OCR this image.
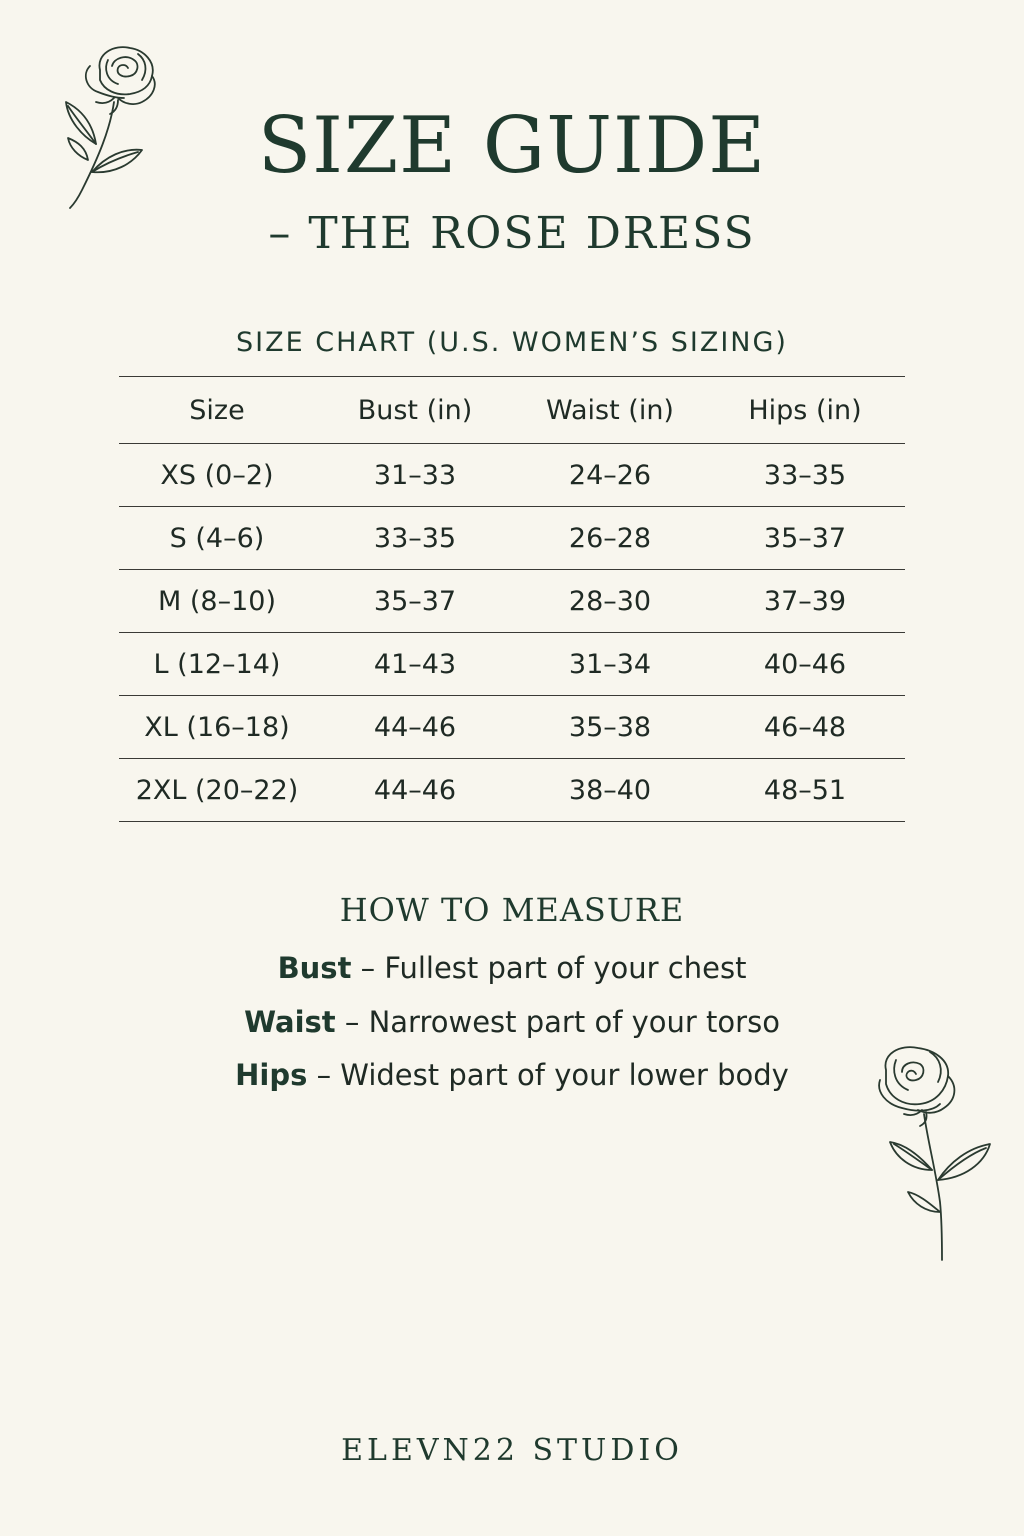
SIZE GUIDE
– THE ROSE DRESS
SIZE CHART (U.S. WOMEN’S SIZING)
Size	Bust (in)	Waist (in)	Hips (in)
XS (0–2)	31–33	24–26	33–35
S (4–6)	33–35	26–28	35–37
M (8–10)	35–37	28–30	37–39
L (12–14)	41–43	31–34	40–46
XL (16–18)	44–46	35–38	46–48
2XL (20–22)	44–46	38–40	48–51
HOW TO MEASURE
Bust – Fullest part of your chest
Waist – Narrowest part of your torso
Hips – Widest part of your lower body
ELEVN22 STUDIO
